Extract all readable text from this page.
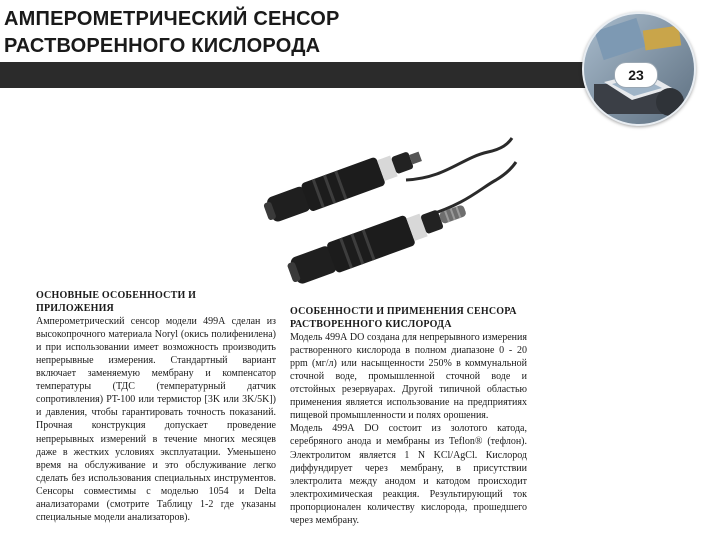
АМПЕРОМЕТРИЧЕСКИЙ СЕНСОР
РАСТВОРЕННОГО КИСЛОРОДА
23
ОСНОВНЫЕ ОСОБЕННОСТИ И
ПРИЛОЖЕНИЯ

Амперометрический сенсор модели 499А сделан из высокопрочного материала Noryl (окись полифенилена) и при использовании имеет возможность производить непрерывные измерения. Стандартный вариант включает заменяемую мембрану и компенсатор температуры (ТДС (температурный датчик сопротивления) PT-100 или термистор [3K или 3K/5K]) и давления, чтобы гарантировать точность показаний. Прочная конструкция допускает проведение непрерывных измерений в течение многих месяцев даже в жестких условиях эксплуатации. Уменьшено время на обслуживание и это обслуживание легко сделать без использования специальных инструментов. Сенсоры совместимы с моделью 1054 и Delta анализаторами (смотрите Таблицу 1-2 где указаны специальные модели анализаторов).

ОСОБЕННОСТИ И ПРИМЕНЕНИЯ СЕНСОРА
РАСТВОРЕННОГО КИСЛОРОДА

Модель 499А DO создана для непрерывного измерения растворенного кислорода в полном диапазоне 0 - 20 ppm (мг/л) или насыщенности 250% в коммунальной сточной воде, промышленной сточной воде и отстойных резервуарах. Другой типичной областью применения является использование на предприятиях пищевой промышленности и полях орошения.

Модель 499А DO состоит из золотого катода, серебряного анода и мембраны из Teflon® (тефлон). Электролитом является 1 N KCl/AgCl. Кислород диффундирует через мембрану, в присутствии электролита между анодом и катодом происходит электрохимическая реакция. Результирующий ток пропорционален количеству кислорода, прошедшего через мембрану.
